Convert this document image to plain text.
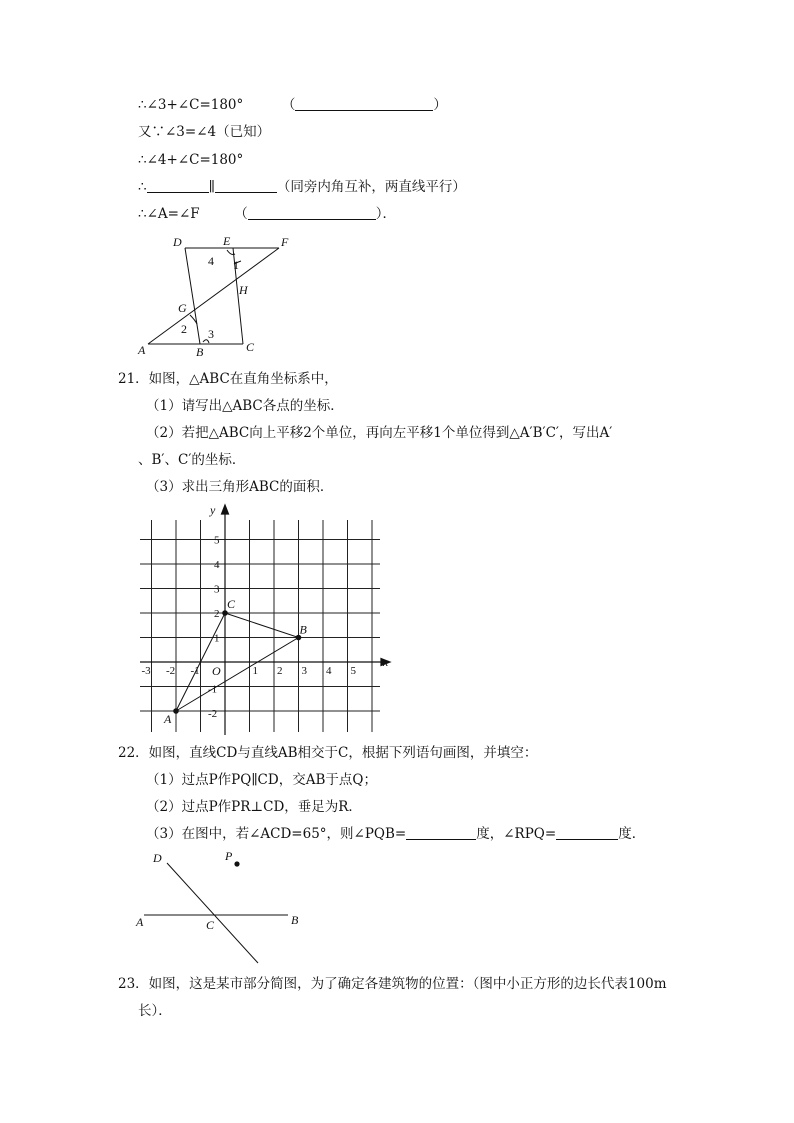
∴∠3+∠C=180°	（	）
又∵∠3=∠4（已知）
∴∠4+∠C=180°
∴	∥	（同旁内角互补，两直线平行）
∴∠A=∠F	（	）．
D	E	F
4 1
H
G
2 3
A	B	C
21．如图，△ABC在直角坐标系中，
（1）请写出△ABC各点的坐标．
（2）若把△ABC向上平移2个单位，再向左平移1个单位得到△A′B′C′，写出A′
、B′、C′的坐标．
（3）求出三角形ABC的面积．
-3 -2 -1	1 2 3 4 5
5
4
3
2
1
-1
-2
A
B
C
x
y
O
22．如图，直线CD与直线AB相交于C，根据下列语句画图，并填空：
（1）过点P作PQ∥CD，交AB于点Q；
（2）过点P作PR⊥CD，垂足为R．
（3）在图中，若∠ACD=65°，则∠PQB=	度，∠RPQ=	度．
D	P
A	C	B
23．如图，这是某市部分简图，为了确定各建筑物的位置：（图中小正方形的边长代表100m
长）．
